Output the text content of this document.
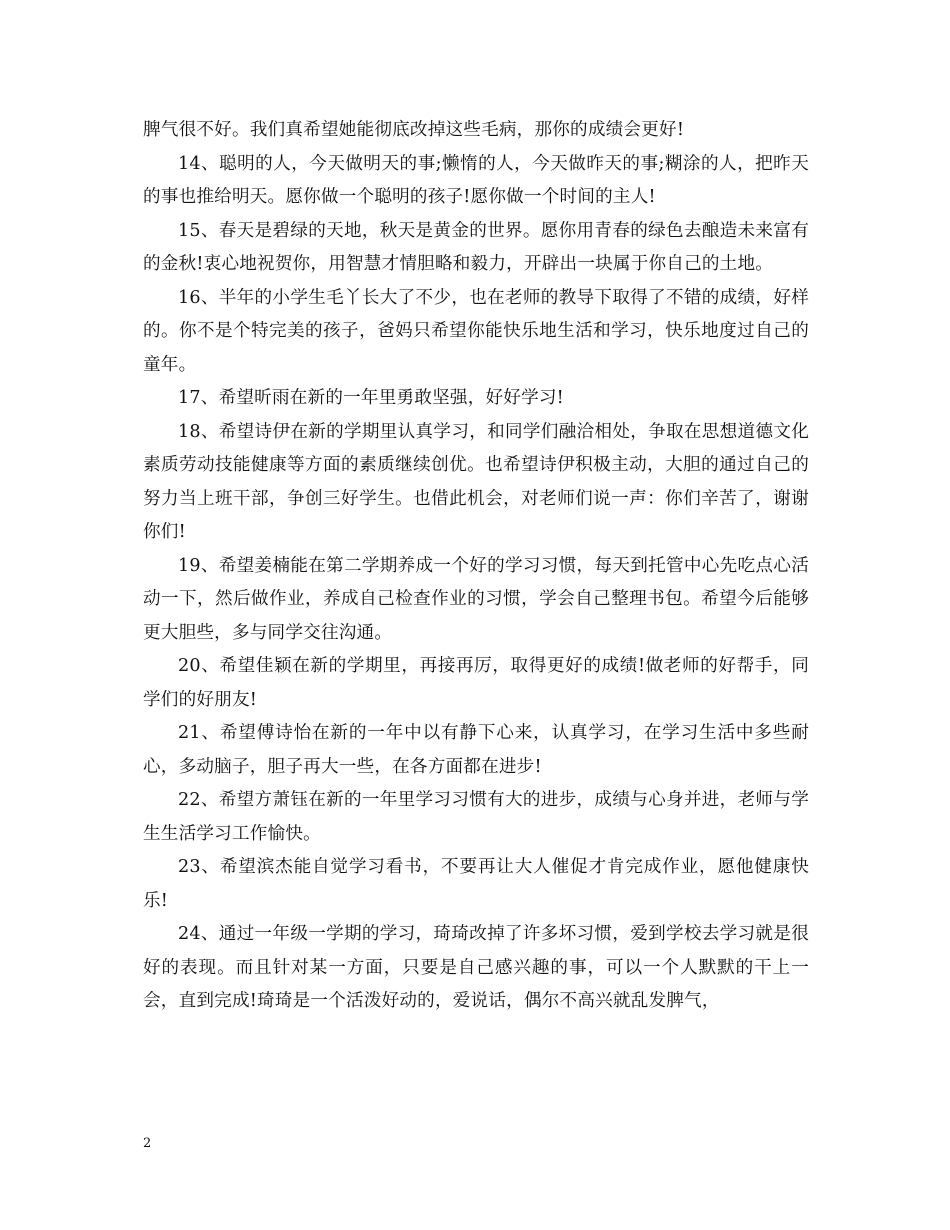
脾气很不好。我们真希望她能彻底改掉这些毛病，那你的成绩会更好!

14、聪明的人，今天做明天的事;懒惰的人，今天做昨天的事;糊涂的人，把昨天的事也推给明天。愿你做一个聪明的孩子!愿你做一个时间的主人!

15、春天是碧绿的天地，秋天是黄金的世界。愿你用青春的绿色去酿造未来富有的金秋!衷心地祝贺你，用智慧才情胆略和毅力，开辟出一块属于你自己的土地。

16、半年的小学生毛丫长大了不少，也在老师的教导下取得了不错的成绩，好样的。你不是个特完美的孩子，爸妈只希望你能快乐地生活和学习，快乐地度过自己的童年。

17、希望昕雨在新的一年里勇敢坚强，好好学习!

18、希望诗伊在新的学期里认真学习，和同学们融洽相处，争取在思想道德文化素质劳动技能健康等方面的素质继续创优。也希望诗伊积极主动，大胆的通过自己的努力当上班干部，争创三好学生。也借此机会，对老师们说一声：你们辛苦了，谢谢你们!

19、希望姜楠能在第二学期养成一个好的学习习惯，每天到托管中心先吃点心活动一下，然后做作业，养成自己检查作业的习惯，学会自己整理书包。希望今后能够更大胆些，多与同学交往沟通。

20、希望佳颖在新的学期里，再接再厉，取得更好的成绩!做老师的好帮手，同学们的好朋友!

21、希望傅诗怡在新的一年中以有静下心来，认真学习，在学习生活中多些耐心，多动脑子，胆子再大一些，在各方面都在进步!

22、希望方萧钰在新的一年里学习习惯有大的进步，成绩与心身并进，老师与学生生活学习工作愉快。

23、希望滨杰能自觉学习看书，不要再让大人催促才肯完成作业，愿他健康快乐!

24、通过一年级一学期的学习，琦琦改掉了许多坏习惯，爱到学校去学习就是很好的表现。而且针对某一方面，只要是自己感兴趣的事，可以一个人默默的干上一会，直到完成!琦琦是一个活泼好动的，爱说话，偶尔不高兴就乱发脾气，

2
